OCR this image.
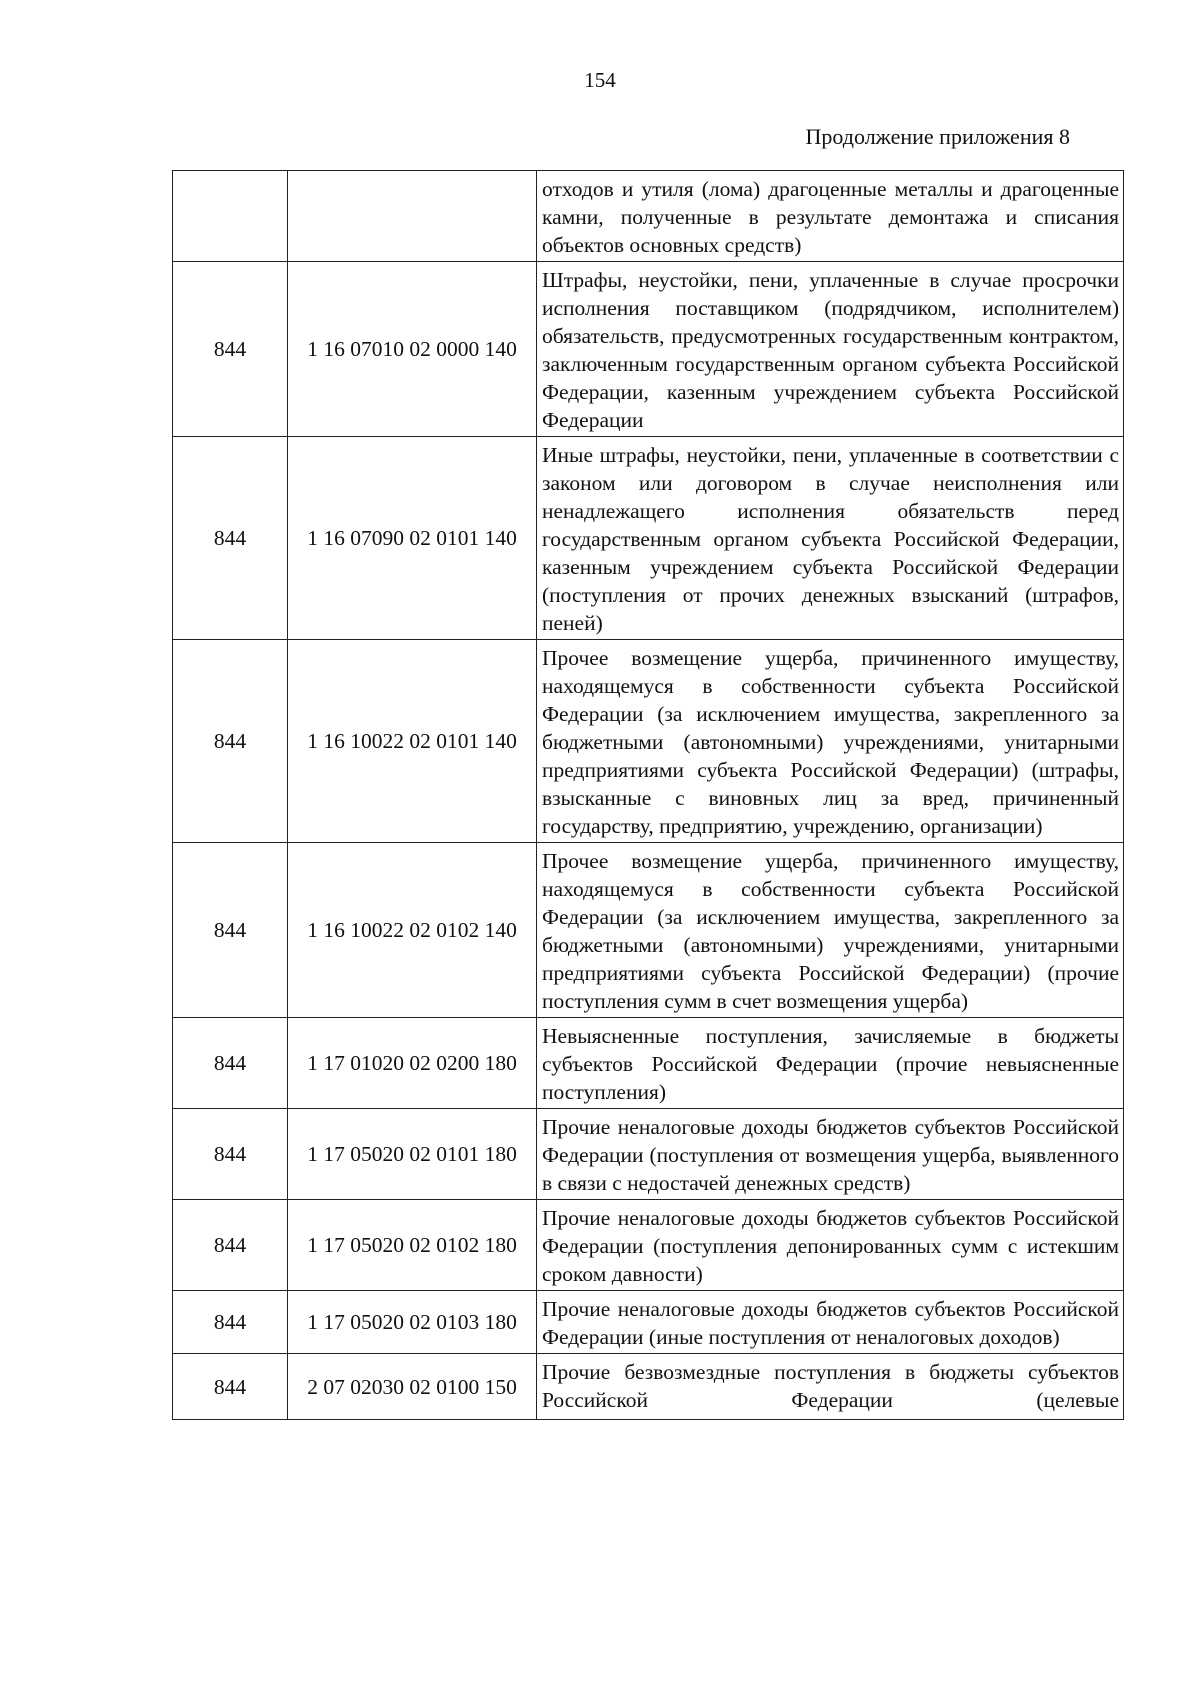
154
Продолжение приложения 8

		отходов и утиля (лома) драгоценные металлы и драгоценные камни, полученные в результате демонтажа и списания объектов основных средств)

844	1 16 07010 02 0000 140	Штрафы, неустойки, пени, уплаченные в случае просрочки исполнения поставщиком (подрядчиком, исполнителем) обязательств, предусмотренных государственным контрактом, заключенным государственным органом субъекта Российской Федерации, казенным учреждением субъекта Российской Федерации

844	1 16 07090 02 0101 140	Иные штрафы, неустойки, пени, уплаченные в соответствии с законом или договором в случае неисполнения или ненадлежащего исполнения обязательств перед государственным органом субъекта Российской Федерации, казенным учреждением субъекта Российской Федерации (поступления от прочих денежных взысканий (штрафов, пеней)

844	1 16 10022 02 0101 140	Прочее возмещение ущерба, причиненного имуществу, находящемуся в собственности субъекта Российской Федерации (за исключением имущества, закрепленного за бюджетными (автономными) учреждениями, унитарными предприятиями субъекта Российской Федерации) (штрафы, взысканные с виновных лиц за вред, причиненный государству, предприятию, учреждению, организации)

844	1 16 10022 02 0102 140	Прочее возмещение ущерба, причиненного имуществу, находящемуся в собственности субъекта Российской Федерации (за исключением имущества, закрепленного за бюджетными (автономными) учреждениями, унитарными предприятиями субъекта Российской Федерации) (прочие поступления сумм в счет возмещения ущерба)

844	1 17 01020 02 0200 180	Невыясненные поступления, зачисляемые в бюджеты субъектов Российской Федерации (прочие невыясненные поступления)

844	1 17 05020 02 0101 180	Прочие неналоговые доходы бюджетов субъектов Российской Федерации (поступления от возмещения ущерба, выявленного в связи с недостачей денежных средств)

844	1 17 05020 02 0102 180	Прочие неналоговые доходы бюджетов субъектов Российской Федерации (поступления депонированных сумм с истекшим сроком давности)

844	1 17 05020 02 0103 180	Прочие неналоговые доходы бюджетов субъектов Российской Федерации (иные поступления от неналоговых доходов)

844	2 07 02030 02 0100 150	Прочие безвозмездные поступления в бюджеты субъектов Российской Федерации (целевые
